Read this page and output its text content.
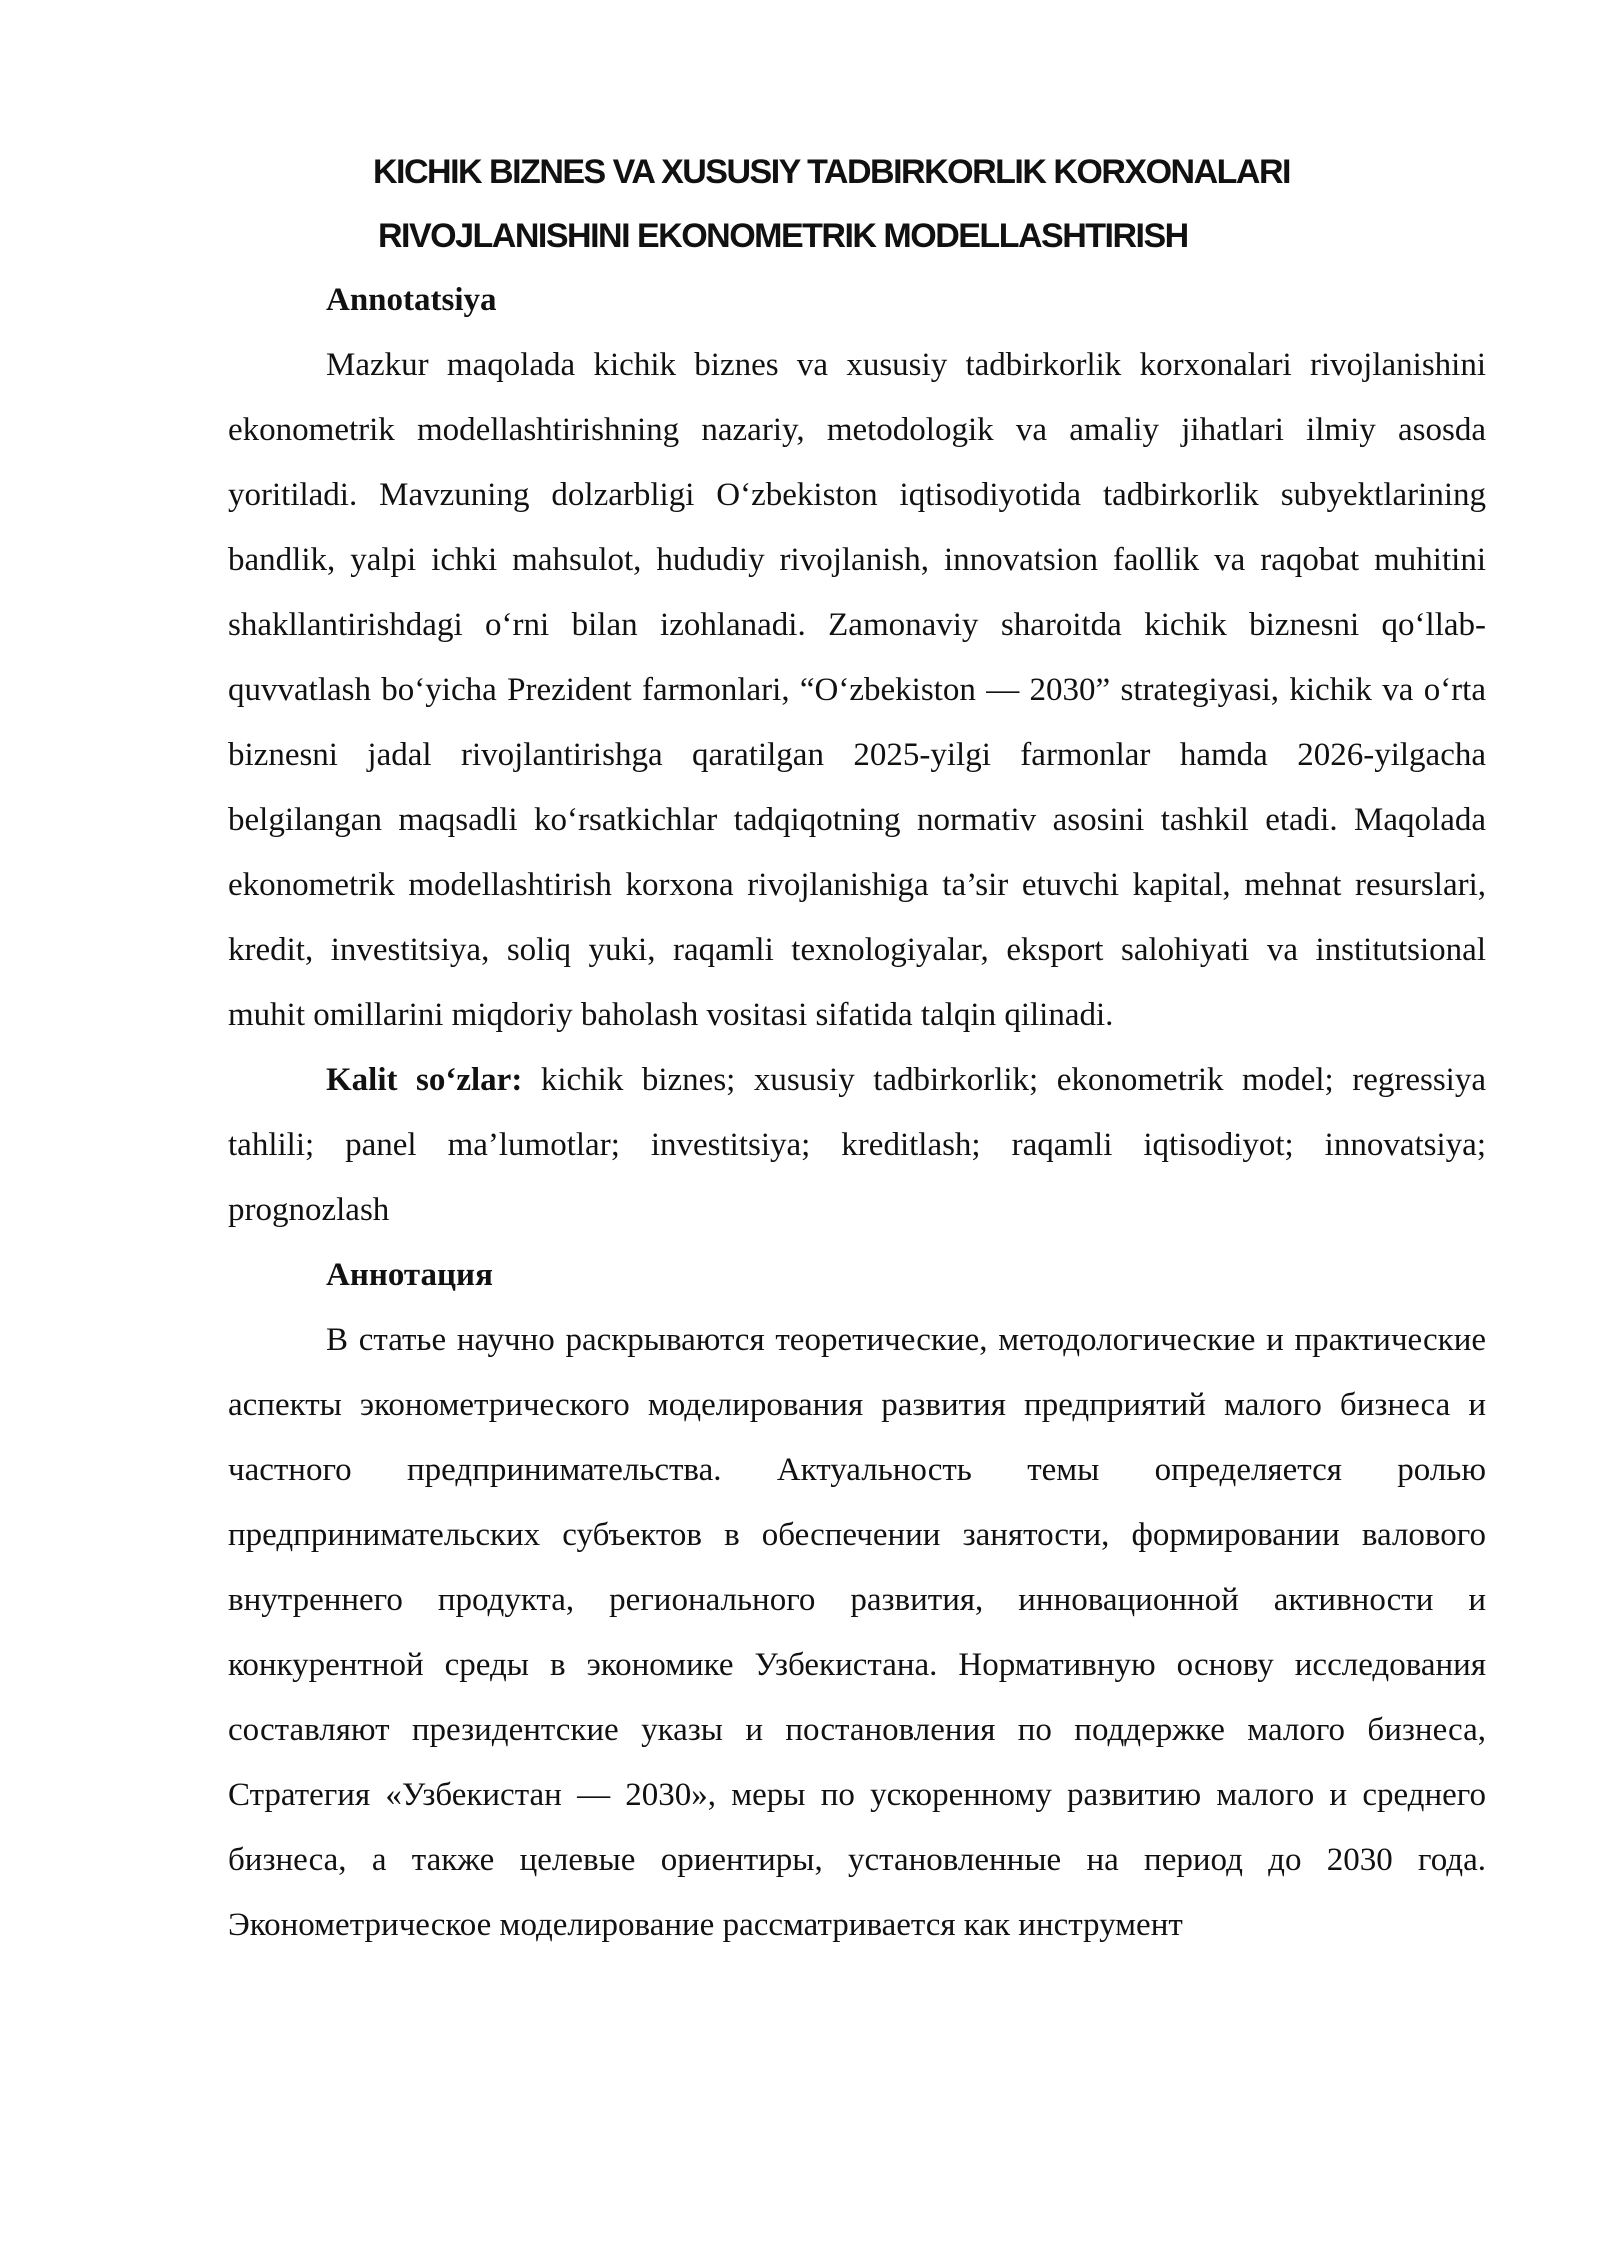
KICHIK BIZNES VA XUSUSIY TADBIRKORLIK KORXONALARI

RIVOJLANISHINI EKONOMETRIK MODELLASHTIRISH

Annotatsiya

Mazkur maqolada kichik biznes va xususiy tadbirkorlik korxonalari rivojlanishini ekonometrik modellashtirishning nazariy, metodologik va amaliy jihatlari ilmiy asosda yoritiladi. Mavzuning dolzarbligi O‘zbekiston iqtisodiyotida tadbirkorlik subyektlarining bandlik, yalpi ichki mahsulot, hududiy rivojlanish, innovatsion faollik va raqobat muhitini shakllantirishdagi o‘rni bilan izohlanadi. Zamonaviy sharoitda kichik biznesni qo‘llab-quvvatlash bo‘yicha Prezident farmonlari, “O‘zbekiston — 2030” strategiyasi, kichik va o‘rta biznesni jadal rivojlantirishga qaratilgan 2025-yilgi farmonlar hamda 2026-yilgacha belgilangan maqsadli ko‘rsatkichlar tadqiqotning normativ asosini tashkil etadi. Maqolada ekonometrik modellashtirish korxona rivojlanishiga ta’sir etuvchi kapital, mehnat resurslari, kredit, investitsiya, soliq yuki, raqamli texnologiyalar, eksport salohiyati va institutsional muhit omillarini miqdoriy baholash vositasi sifatida talqin qilinadi.

Kalit so‘zlar: kichik biznes; xususiy tadbirkorlik; ekonometrik model; regressiya tahlili; panel ma’lumotlar; investitsiya; kreditlash; raqamli iqtisodiyot; innovatsiya; prognozlash

Аннотация

В статье научно раскрываются теоретические, методологические и практические аспекты эконометрического моделирования развития предприятий малого бизнеса и частного предпринимательства. Актуальность темы определяется ролью предпринимательских субъектов в обеспечении занятости, формировании валового внутреннего продукта, регионального развития, инновационной активности и конкурентной среды в экономике Узбекистана. Нормативную основу исследования составляют президентские указы и постановления по поддержке малого бизнеса, Стратегия «Узбекистан — 2030», меры по ускоренному развитию малого и среднего бизнеса, а также целевые ориентиры, установленные на период до 2030 года. Эконометрическое моделирование рассматривается как инструмент
